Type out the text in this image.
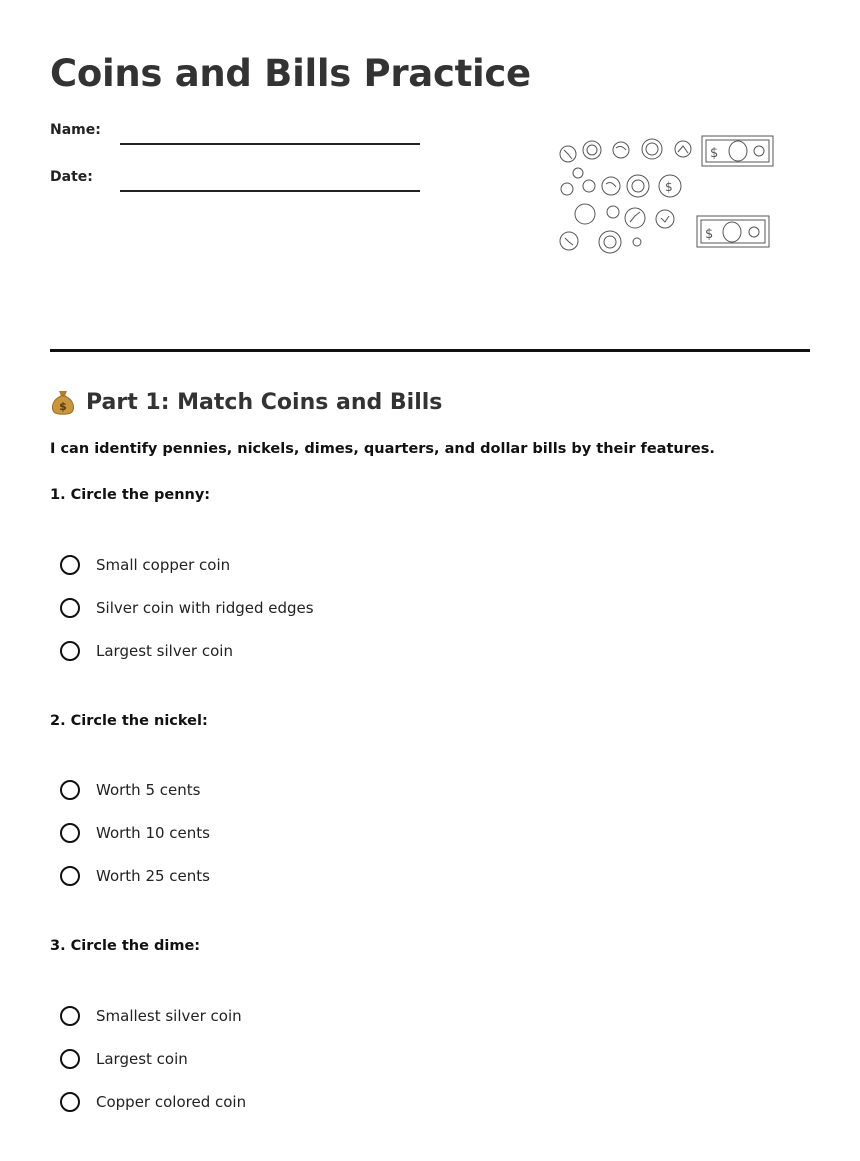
Coins and Bills Practice
Name:
Date:
$
$
$
$ Part 1: Match Coins and Bills
I can identify pennies, nickels, dimes, quarters, and dollar bills by their features.
1. Circle the penny:
Small copper coin
Silver coin with ridged edges
Largest silver coin
2. Circle the nickel:
Worth 5 cents
Worth 10 cents
Worth 25 cents
3. Circle the dime:
Smallest silver coin
Largest coin
Copper colored coin
